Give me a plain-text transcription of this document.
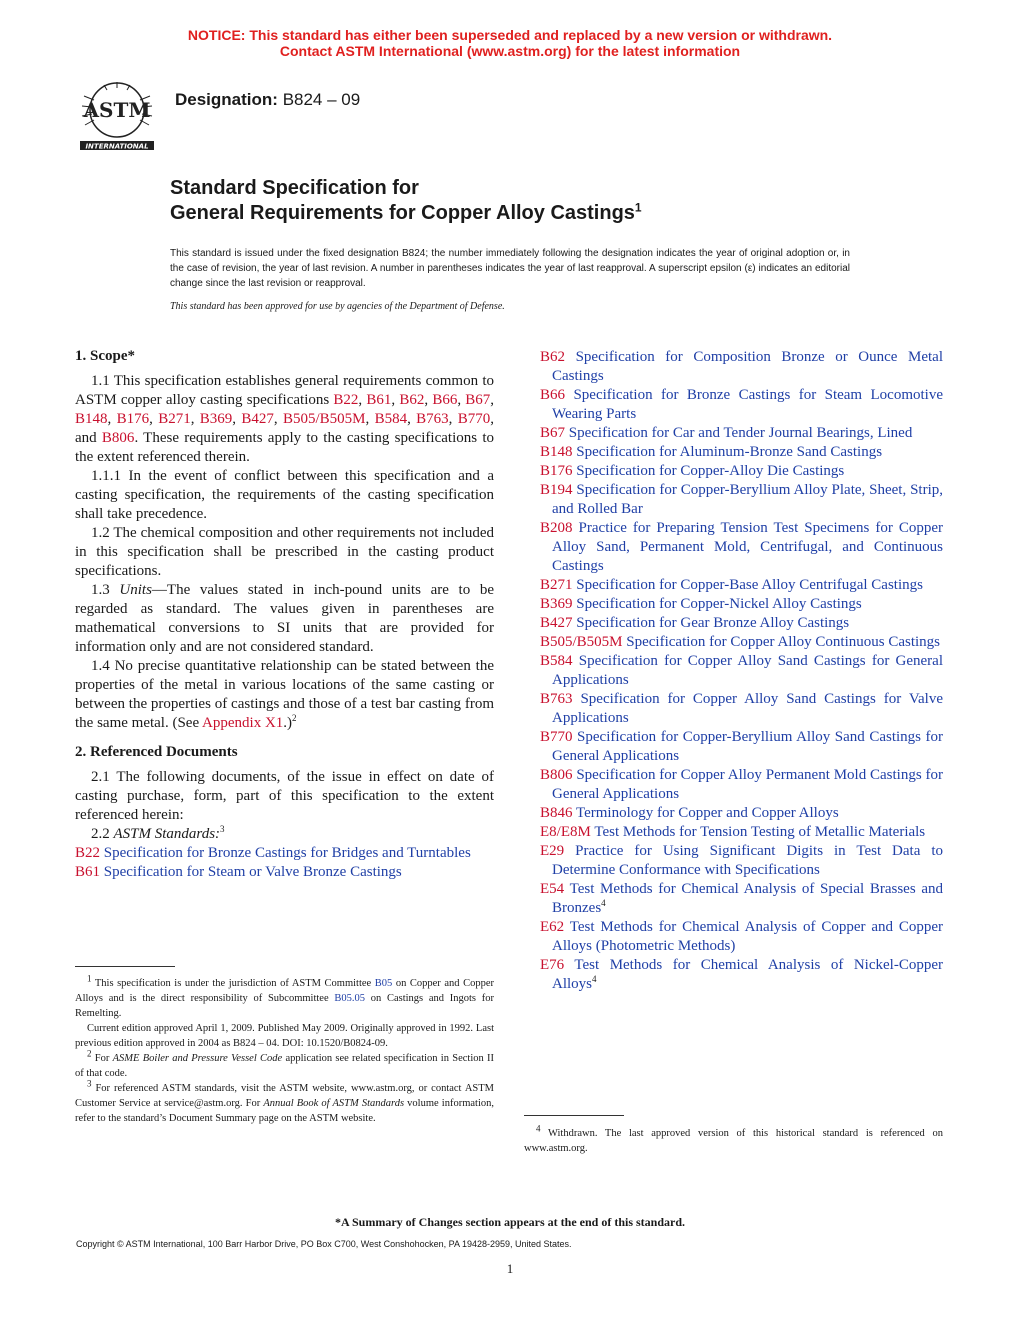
NOTICE: This standard has either been superseded and replaced by a new version or withdrawn.
Contact ASTM International (www.astm.org) for the latest information
ASTM
INTERNATIONAL
Designation: B824 – 09
Standard Specification for
General Requirements for Copper Alloy Castings$^1$
This standard is issued under the fixed designation B824; the number immediately following the designation indicates the year of original adoption or, in the case of revision, the year of last revision. A number in parentheses indicates the year of last reapproval. A superscript epsilon (ε) indicates an editorial change since the last revision or reapproval.
This standard has been approved for use by agencies of the Department of Defense.

1. Scope*

1.1 This specification establishes general requirements common to ASTM copper alloy casting specifications B22, B61, B62, B66, B67, B148, B176, B271, B369, B427, B505/B505M, B584, B763, B770, and B806. These requirements apply to the casting specifications to the extent referenced therein.

1.1.1 In the event of conflict between this specification and a casting specification, the requirements of the casting specification shall take precedence.

1.2 The chemical composition and other requirements not included in this specification shall be prescribed in the casting product specifications.

1.3 Units—The values stated in inch-pound units are to be regarded as standard. The values given in parentheses are mathematical conversions to SI units that are provided for information only and are not considered standard.

1.4 No precise quantitative relationship can be stated between the properties of the metal in various locations of the same casting or between the properties of castings and those of a test bar casting from the same metal. (See Appendix X1.)$^2$

2. Referenced Documents

2.1 The following documents, of the issue in effect on date of casting purchase, form, part of this specification to the extent referenced herein:

2.2 ASTM Standards:$^3$

B22 Specification for Bronze Castings for Bridges and Turntables

B61 Specification for Steam or Valve Bronze Castings

B62 Specification for Composition Bronze or Ounce Metal Castings

B66 Specification for Bronze Castings for Steam Locomotive Wearing Parts

B67 Specification for Car and Tender Journal Bearings, Lined

B148 Specification for Aluminum-Bronze Sand Castings

B176 Specification for Copper-Alloy Die Castings

B194 Specification for Copper-Beryllium Alloy Plate, Sheet, Strip, and Rolled Bar

B208 Practice for Preparing Tension Test Specimens for Copper Alloy Sand, Permanent Mold, Centrifugal, and Continuous Castings

B271 Specification for Copper-Base Alloy Centrifugal Castings

B369 Specification for Copper-Nickel Alloy Castings

B427 Specification for Gear Bronze Alloy Castings

B505/B505M Specification for Copper Alloy Continuous Castings

B584 Specification for Copper Alloy Sand Castings for General Applications

B763 Specification for Copper Alloy Sand Castings for Valve Applications

B770 Specification for Copper-Beryllium Alloy Sand Castings for General Applications

B806 Specification for Copper Alloy Permanent Mold Castings for General Applications

B846 Terminology for Copper and Copper Alloys

E8/E8M Test Methods for Tension Testing of Metallic Materials

E29 Practice for Using Significant Digits in Test Data to Determine Conformance with Specifications

E54 Test Methods for Chemical Analysis of Special Brasses and Bronzes$^4$

E62 Test Methods for Chemical Analysis of Copper and Copper Alloys (Photometric Methods)

E76 Test Methods for Chemical Analysis of Nickel-Copper Alloys$^4$

$^1$ This specification is under the jurisdiction of ASTM Committee B05 on Copper and Copper Alloys and is the direct responsibility of Subcommittee B05.05 on Castings and Ingots for Remelting.

Current edition approved April 1, 2009. Published May 2009. Originally approved in 1992. Last previous edition approved in 2004 as B824 – 04. DOI: 10.1520/B0824-09.

$^2$ For ASME Boiler and Pressure Vessel Code application see related specification in Section II of that code.

$^3$ For referenced ASTM standards, visit the ASTM website, www.astm.org, or contact ASTM Customer Service at service@astm.org. For Annual Book of ASTM Standards volume information, refer to the standard’s Document Summary page on the ASTM website.

$^4$ Withdrawn. The last approved version of this historical standard is referenced on www.astm.org.

*A Summary of Changes section appears at the end of this standard.
Copyright © ASTM International, 100 Barr Harbor Drive, PO Box C700, West Conshohocken, PA 19428-2959, United States.
1
